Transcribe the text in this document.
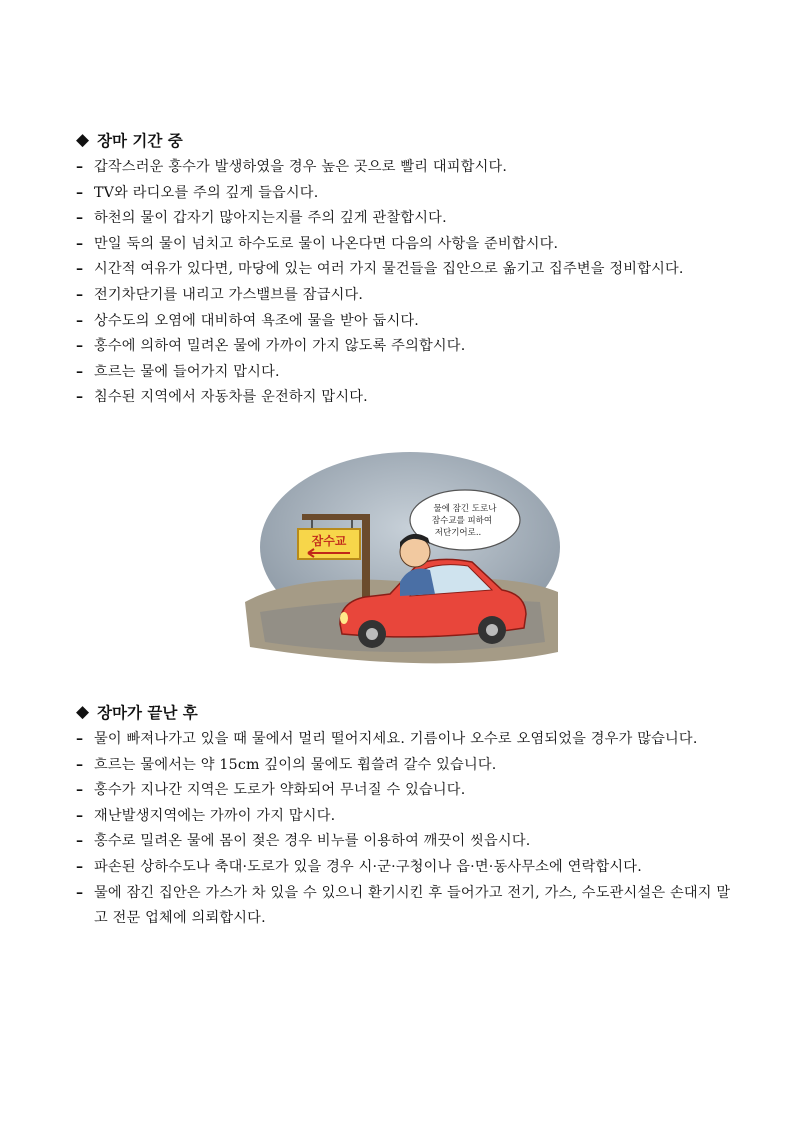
◆ 장마 기간 중
– 갑작스러운 홍수가 발생하였을 경우 높은 곳으로 빨리 대피합시다.
– TV와 라디오를 주의 깊게 들읍시다.
– 하천의 물이 갑자기 많아지는지를 주의 깊게 관찰합시다.
– 만일 둑의 물이 넘치고 하수도로 물이 나온다면 다음의 사항을 준비합시다.
– 시간적 여유가 있다면, 마당에 있는 여러 가지 물건들을 집안으로 옮기고 집주변을 정비합시다.
– 전기차단기를 내리고 가스밸브를 잠급시다.
– 상수도의 오염에 대비하여 욕조에 물을 받아 둡시다.
– 홍수에 의하여 밀려온 물에 가까이 가지 않도록 주의합시다.
– 흐르는 물에 들어가지 맙시다.
– 침수된 지역에서 자동차를 운전하지 맙시다.
잠수교
물에 잠긴 도로나
잠수교를 피하여
저단기어로..
◆ 장마가 끝난 후
– 물이 빠져나가고 있을 때 물에서 멀리 떨어지세요. 기름이나 오수로 오염되었을 경우가 많습니다.
– 흐르는 물에서는 약 15cm 깊이의 물에도 휩쓸려 갈수 있습니다.
– 홍수가 지나간 지역은 도로가 약화되어 무너질 수 있습니다.
– 재난발생지역에는 가까이 가지 맙시다.
– 홍수로 밀려온 물에 몸이 젖은 경우 비누를 이용하여 깨끗이 씻읍시다.
– 파손된 상하수도나 축대·도로가 있을 경우 시·군·구청이나 읍·면·동사무소에 연락합시다.
– 물에 잠긴 집안은 가스가 차 있을 수 있으니 환기시킨 후 들어가고 전기, 가스, 수도관시설은 손대지 말고 전문 업체에 의뢰합시다.
